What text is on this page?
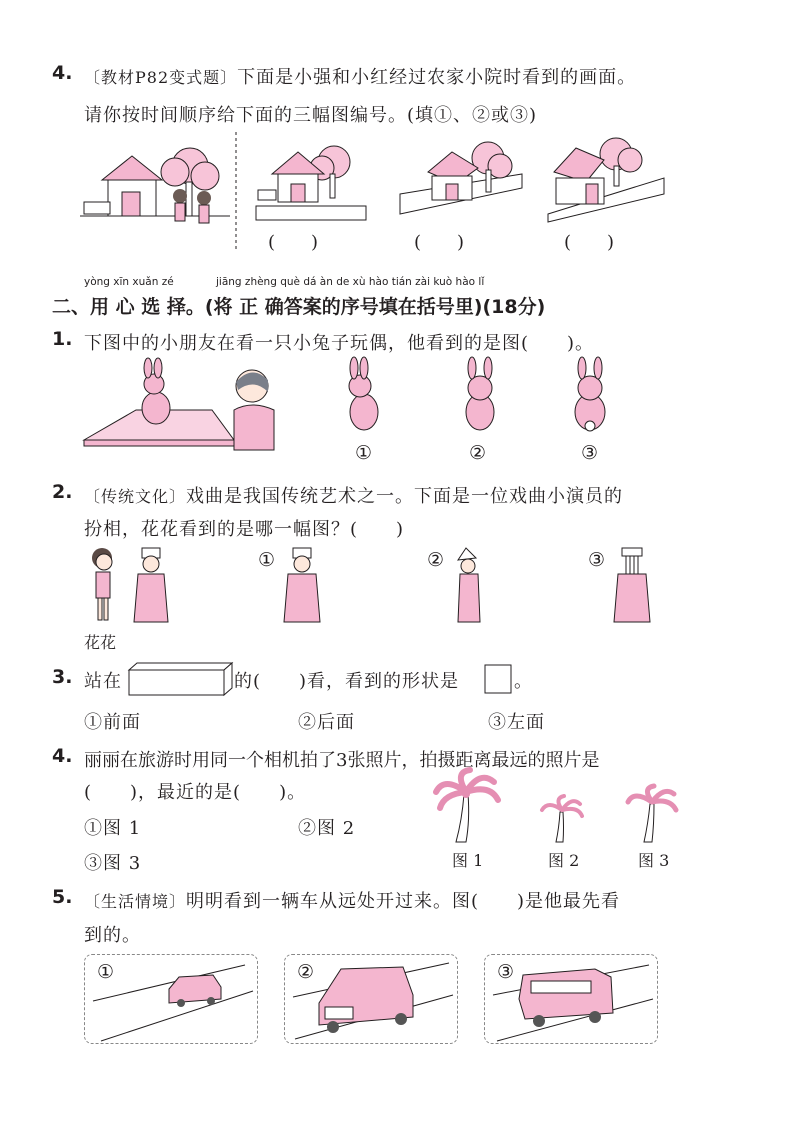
4. 〔教材P82变式题〕下面是小强和小红经过农家小院时看到的画面。
请你按时间顺序给下面的三幅图编号。(填①、②或③)
(　　)	(　　)	(　　)
yòng xīn xuǎn zé	jiāng zhèng què dá àn de xù hào tián zài kuò hào lǐ
二、用 心 选 择。(将 正 确答案的序号填在括号里)(18分)
1. 下图中的小朋友在看一只小兔子玩偶，他看到的是图(　　)。
①	②	③
2. 〔传统文化〕戏曲是我国传统艺术之一。下面是一位戏曲小演员的
扮相，花花看到的是哪一幅图？(　　)
花花
①	②	③
3. 站在	的(　　)看，看到的形状是	。
①前面	②后面	③左面
4. 丽丽在旅游时用同一个相机拍了3张照片，拍摄距离最远的照片是
(　　)，最近的是(　　)。
①图 1	②图 2
③图 3	图 1	图 2	图 3
5. 〔生活情境〕明明看到一辆车从远处开过来。图(　　)是他最先看
到的。
①	②	③
